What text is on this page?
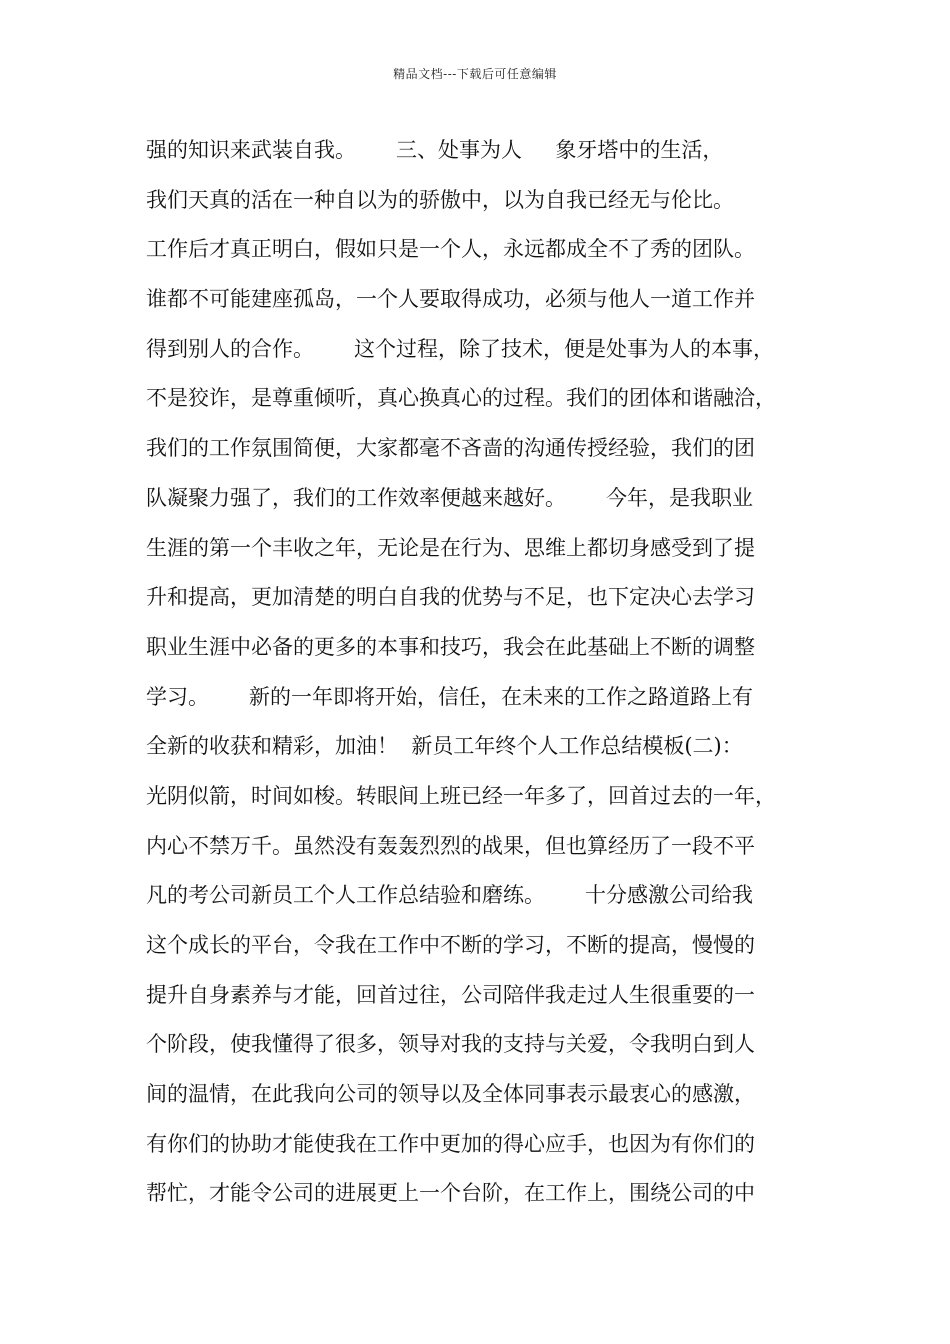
精品文档---下载后可任意编辑
强的知识来武装自我。      三、处事为人     象牙塔中的生活，
我们天真的活在一种自以为的骄傲中，以为自我已经无与伦比。
工作后才真正明白，假如只是一个人，永远都成全不了秀的团队。
谁都不可能建座孤岛，一个人要取得成功，必须与他人一道工作并
得到别人的合作。      这个过程，除了技术，便是处事为人的本事，
不是狡诈，是尊重倾听，真心换真心的过程。我们的团体和谐融洽，
我们的工作氛围简便，大家都毫不吝啬的沟通传授经验，我们的团
队凝聚力强了，我们的工作效率便越来越好。      今年，是我职业
生涯的第一个丰收之年，无论是在行为、思维上都切身感受到了提
升和提高，更加清楚的明白自我的优势与不足，也下定决心去学习
职业生涯中必备的更多的本事和技巧，我会在此基础上不断的调整
学习。      新的一年即将开始，信任，在未来的工作之路道路上有
全新的收获和精彩，加油！  新员工年终个人工作总结模板(二)：
光阴似箭，时间如梭。转眼间上班已经一年多了，回首过去的一年，
内心不禁万千。虽然没有轰轰烈烈的战果，但也算经历了一段不平
凡的考公司新员工个人工作总结验和磨练。      十分感激公司给我
这个成长的平台，令我在工作中不断的学习，不断的提高，慢慢的
提升自身素养与才能，回首过往，公司陪伴我走过人生很重要的一
个阶段，使我懂得了很多，领导对我的支持与关爱，令我明白到人
间的温情，在此我向公司的领导以及全体同事表示最衷心的感激，
有你们的协助才能使我在工作中更加的得心应手，也因为有你们的
帮忙，才能令公司的进展更上一个台阶，在工作上，围绕公司的中
